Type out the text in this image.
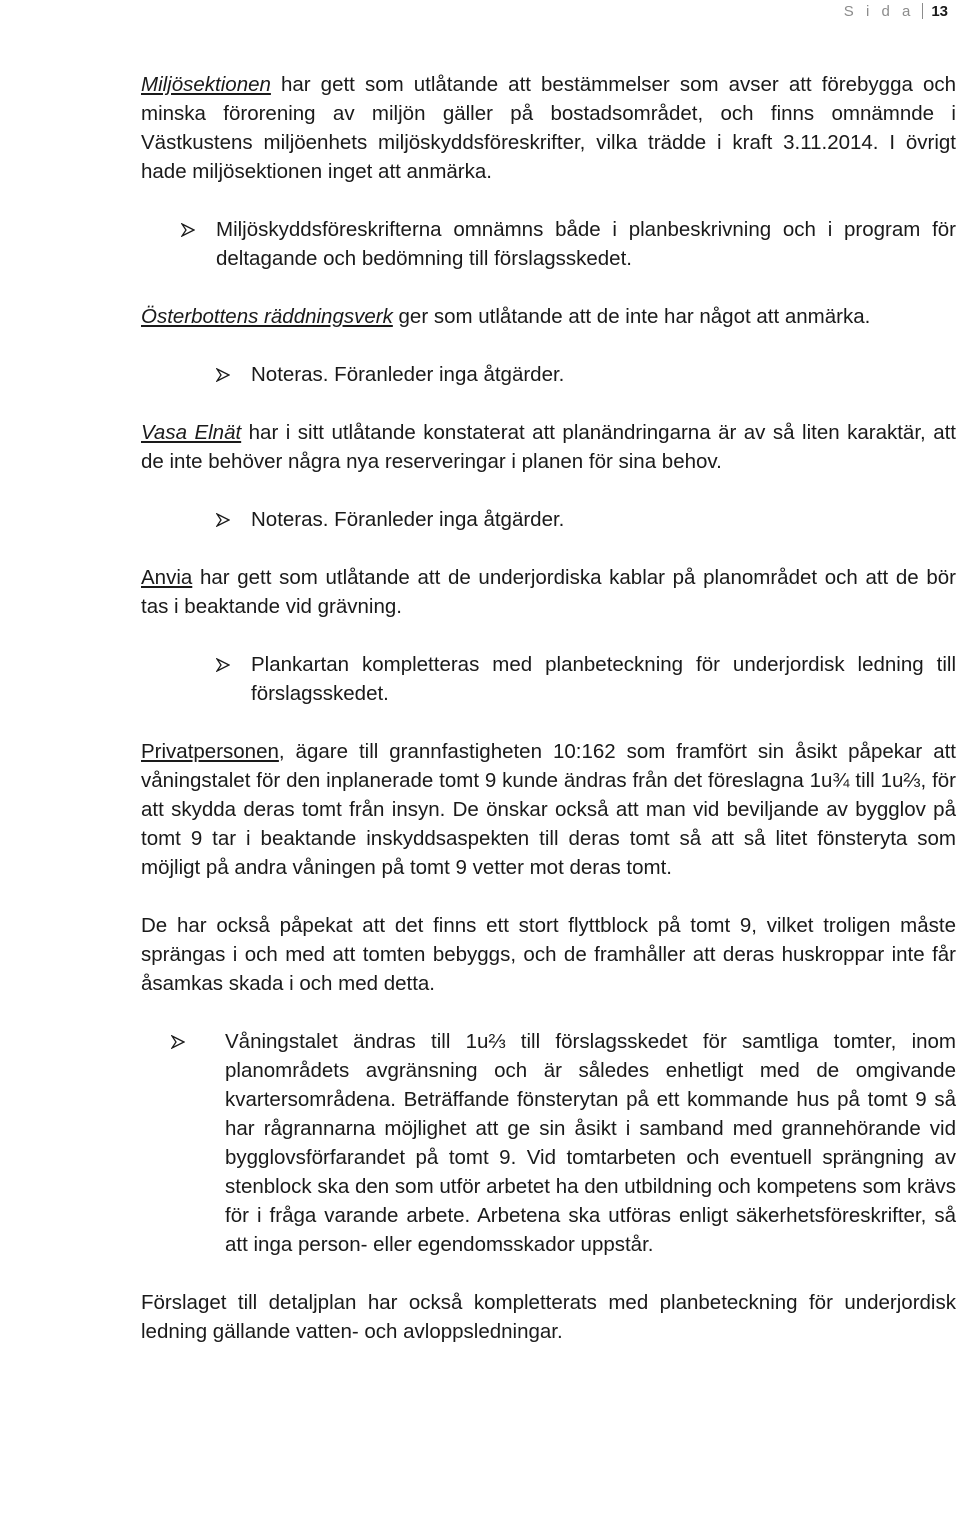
S i d a	13

Miljösektionen har gett som utlåtande att bestämmelser som avser att förebygga och minska förorening av miljön gäller på bostadsområdet, och finns omnämnde i Västkustens miljöenhets miljöskyddsföreskrifter, vilka trädde i kraft 3.11.2014. I övrigt hade miljösektionen inget att anmärka.

Miljöskyddsföreskrifterna omnämns både i planbeskrivning och i program för deltagande och bedömning till förslagsskedet.

Österbottens räddningsverk ger som utlåtande att de inte har något att anmärka.

Noteras. Föranleder inga åtgärder.

Vasa Elnät har i sitt utlåtande konstaterat att planändringarna är av så liten karaktär, att de inte behöver några nya reserveringar i planen för sina behov.

Noteras. Föranleder inga åtgärder.

Anvia har gett som utlåtande att de underjordiska kablar på planområdet och att de bör tas i beaktande vid grävning.

Plankartan kompletteras med planbeteckning för underjordisk ledning till förslagsskedet.

Privatpersonen, ägare till grannfastigheten 10:162 som framfört sin åsikt påpekar att våningstalet för den inplanerade tomt 9 kunde ändras från det föreslagna 1u¾ till 1u⅔, för att skydda deras tomt från insyn. De önskar också att man vid beviljande av bygglov på tomt 9 tar i beaktande inskyddsaspekten till deras tomt så att så litet fönsteryta som möjligt på andra våningen på tomt 9 vetter mot deras tomt.

De har också påpekat att det finns ett stort flyttblock på tomt 9, vilket troligen måste sprängas i och med att tomten bebyggs, och de framhåller att deras huskroppar inte får åsamkas skada i och med detta.

Våningstalet ändras till 1u⅔ till förslagsskedet för samtliga tomter, inom planområdets avgränsning och är således enhetligt med de omgivande kvartersområdena. Beträffande fönsterytan på ett kommande hus på tomt 9 så har rågrannarna möjlighet att ge sin åsikt i samband med grannehörande vid bygglovsförfarandet på tomt 9. Vid tomtarbeten och eventuell sprängning av stenblock ska den som utför arbetet ha den utbildning och kompetens som krävs för i fråga varande arbete. Arbetena ska utföras enligt säkerhetsföreskrifter, så att inga person- eller egendomsskador uppstår.

Förslaget till detaljplan har också kompletterats med planbeteckning för underjordisk ledning gällande vatten- och avloppsledningar.
